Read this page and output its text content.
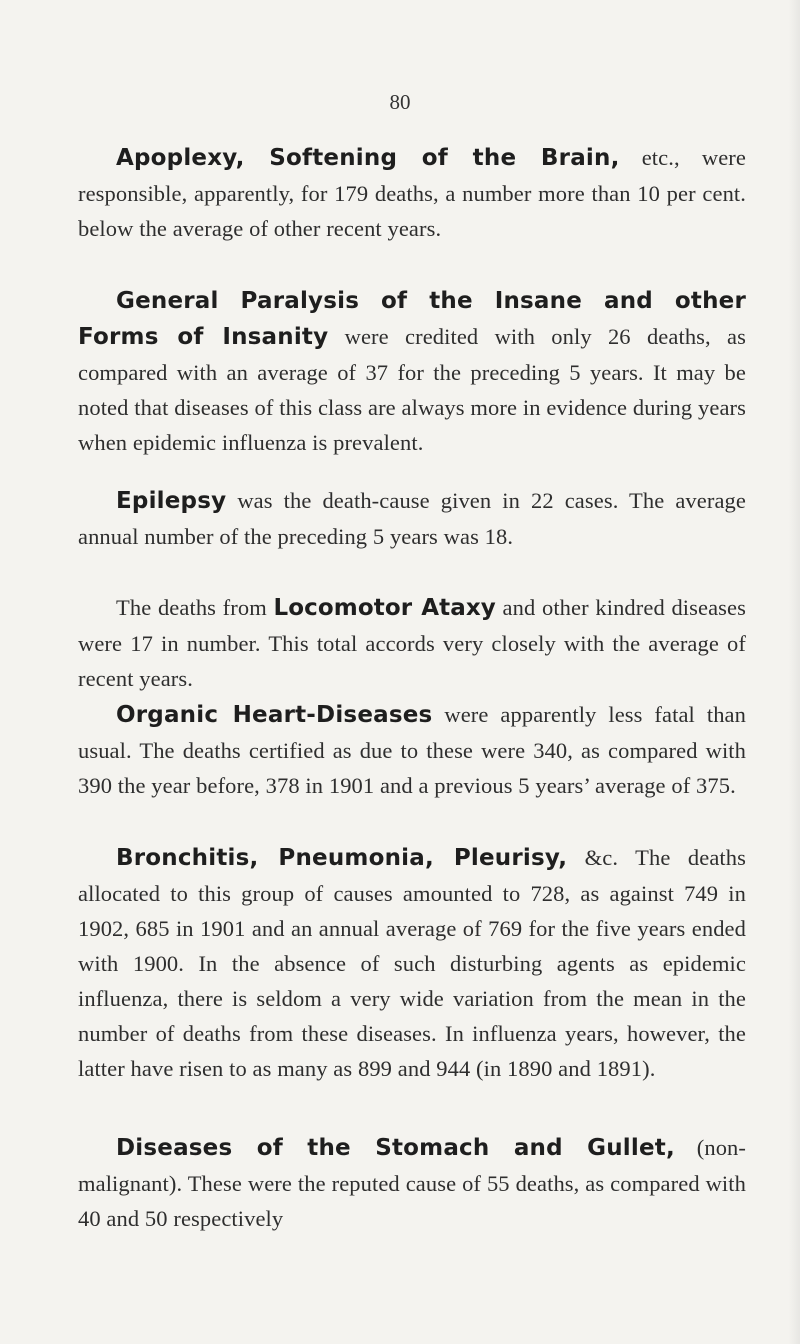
80

Apoplexy, Softening of the Brain, etc., were responsible, apparently, for 179 deaths, a number more than 10 per cent. below the average of other recent years.

General Paralysis of the Insane and other Forms of Insanity were credited with only 26 deaths, as compared with an average of 37 for the preceding 5 years. It may be noted that diseases of this class are always more in evidence during years when epidemic influenza is prevalent.

Epilepsy was the death-cause given in 22 cases. The average annual number of the preceding 5 years was 18.

The deaths from Locomotor Ataxy and other kindred diseases were 17 in number. This total accords very closely with the average of recent years.

Organic Heart-Diseases were apparently less fatal than usual. The deaths certified as due to these were 340, as compared with 390 the year before, 378 in 1901 and a previous 5 years’ average of 375.

Bronchitis, Pneumonia, Pleurisy, &c. The deaths allocated to this group of causes amounted to 728, as against 749 in 1902, 685 in 1901 and an annual average of 769 for the five years ended with 1900. In the absence of such disturbing agents as epidemic influenza, there is seldom a very wide variation from the mean in the number of deaths from these diseases. In influenza years, however, the latter have risen to as many as 899 and 944 (in 1890 and 1891).

Diseases of the Stomach and Gullet, (non-malignant). These were the reputed cause of 55 deaths, as compared with 40 and 50 respectively
